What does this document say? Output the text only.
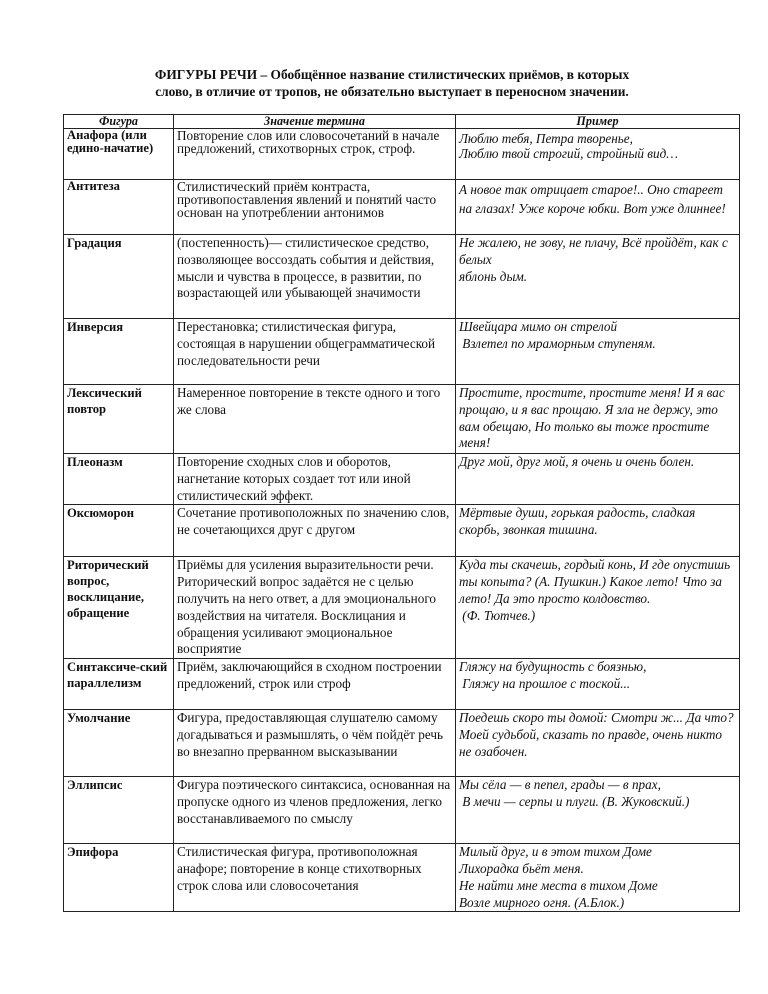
ФИГУРЫ РЕЧИ – Обобщённое название стилистических приёмов, в которых
слово, в отличие от тропов, не обязательно выступает в переносном значении.
Фигура	Значение термина	Пример
Анафора (или едино-начатие)	Повторение слов или словосочетаний в начале предложений, стихотворных строк, строф.	Люблю тебя, Петра творенье,
Люблю твой строгий, стройный вид…

Антитеза	Стилистический приём контраста, противопоставления явлений и понятий часто основан на употреблении антонимов	А новое так отрицает старое!.. Оно стареет на глазах! Уже короче юбки. Вот уже длиннее!
Градация	(постепенность)— стилистическое средство, позволяющее воссоздать события и действия, мысли и чувства в процессе, в развитии, по возрастающей или убывающей значимости	Не жалею, не зову, не плачу, Всё пройдёт, как с белых
яблонь дым.

Инверсия	Перестановка; стилистическая фигура, состоящая в нарушении общеграмматической последовательности речи	Швейцара мимо он стрелой
Взлетел по мраморным ступеням.

Лексический повтор	Намеренное повторение в тексте одного и того же слова	Простите, простите, простите меня! И я вас прощаю, и я вас прощаю. Я зла не держу, это вам обещаю, Но только вы тоже простите меня!
Плеоназм	Повторение сходных слов и оборотов, нагнетание которых создает тот или иной стилистический эффект.	Друг мой, друг мой, я очень и очень болен.
Оксюморон	Сочетание противоположных по значению слов, не сочетающихся друг с другом	Мёртвые души, горькая радость, сладкая скорбь, звонкая тишина.
Риторический вопрос, восклицание, обращение	Приёмы для усиления выразительности речи. Риторический вопрос задаётся не с целью получить на него ответ, а для эмоционального воздействия на читателя. Восклицания и обращения усиливают эмоциональное восприятие	Куда ты скачешь, гордый конь, И где опустишь ты копыта? (А. Пушкин.) Какое лето! Что за лето! Да это просто колдовство.
(Ф. Тютчев.)

Синтаксиче-ский параллелизм	Приём, заключающийся в сходном построении предложений, строк или строф	Гляжу на будущность с боязнью,
Гляжу на прошлое с тоской...

Умолчание	Фигура, предоставляющая слушателю самому догадываться и размышлять, о чём пойдёт речь во внезапно прерванном высказывании	Поедешь скоро ты домой: Смотри ж... Да что? Моей судьбой, сказать по правде, очень никто не озабочен.
Эллипсис	Фигура поэтического синтаксиса, основанная на пропуске одного из членов предложения, легко восстанавливаемого по смыслу	Мы сёла — в пепел, грады — в прах,
В мечи — серпы и плуги. (В. Жуковский.)

Эпифора	Стилистическая фигура, противоположная анафоре; повторение в конце стихотворных строк слова или словосочетания	Милый друг, и в этом тихом Доме
Лихорадка бьёт меня.
Не найти мне места в тихом Доме
Возле мирного огня. (А.Блок.)
